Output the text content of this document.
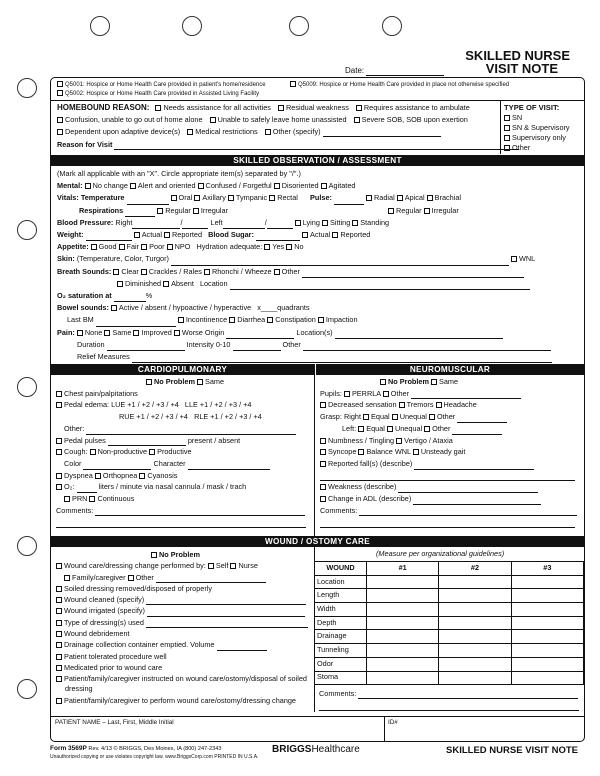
SKILLED NURSE
VISIT NOTE
Date:
Q5001: Hospice or Home Health Care provided in patient's home/residence	Q5009: Hospice or Home Health Care provided in place not otherwise specified
Q5002: Hospice or Home Health Care provided in Assisted Living Facility
HOMEBOUND REASON: Needs assistance for all activities Residual weakness Requires assistance to ambulate
Confusion, unable to go out of home alone Unable to safely leave home unassisted Severe SOB, SOB upon exertion
Dependent upon adaptive device(s) Medical restrictions Other (specify)
Reason for Visit
TYPE OF VISIT:
SN
SN & Supervisory
Supervisory only
Other
SKILLED OBSERVATION / ASSESSMENT
(Mark all applicable with an "X". Circle appropriate item(s) separated by "/".)
Mental: No change Alert and oriented Confused / Forgetful Disoriented Agitated
Vitals: Temperature	Oral Axillary Tympanic Rectal Pulse:	Radial Apical Brachial
Respirations	Regular Irregular	Regular Irregular
Blood Pressure: Right	/	Left	/	Lying Sitting Standing
Weight:	Actual Reported Blood Sugar:	Actual Reported
Appetite: Good Fair Poor NPO Hydration adequate: Yes No
Skin: (Temperature, Color, Turgor)	WNL
Breath Sounds: Clear Crackles / Rales Rhonchi / Wheeze Other
Diminished Absent Location
O₂ saturation at	%
Bowel sounds: Active / absent / hypoactive / hyperactive x____quadrants
Last BM	Incontinence Diarrhea Constipation Impaction
Pain: None Same Improved Worse Origin	Location(s)
Duration	Intensity 0-10	Other
Relief Measures
CARDIOPULMONARY	NEUROMUSCULAR
No Problem Same
Chest pain/palpitations
Pedal edema: LUE +1 / +2 / +3 / +4 LLE +1 / +2 / +3 / +4
RUE +1 / +2 / +3 / +4 RLE +1 / +2 / +3 / +4
Other:
Pedal pulses	present / absent
Cough: Non-productive Productive
Color	Character
Dyspnea Orthopnea Cyanosis
O₂:	liters / minute via nasal cannula / mask / trach
PRN Continuous
Comments:
No Problem Same
Pupils: PERRLA Other
Decreased sensation Tremors Headache
Grasp: Right Equal Unequal Other
Left: Equal Unequal Other
Numbness / Tingling Vertigo / Ataxia
Syncope Balance WNL Unsteady gait
Reported fall(s) (describe)
Weakness (describe)
Change in ADL (describe)
Comments:
WOUND / OSTOMY CARE
No Problem
Wound care/dressing change performed by: Self Nurse
Family/caregiver Other
Soiled dressing removed/disposed of properly
Wound cleaned (specify)
Wound irrigated (specify)
Type of dressing(s) used
Wound debridement
Drainage collection container emptied. Volume
Patient tolerated procedure well
Medicated prior to wound care
Patient/family/caregiver instructed on wound care/ostomy/disposal of soiled dressing
Patient/family/caregiver to perform wound care/ostomy/dressing change
(Measure per organizational guidelines)
WOUND	#1	#2	#3
Location			
Length			
Width			
Depth			
Drainage			
Tunneling			
Odor			
Stoma			
Comments:
PATIENT NAME – Last, First, Middle Initial	ID#
Form 3569P Rev. 4/13 © BRIGGS, Des Moines, IA (800) 247-2343
Unauthorized copying or use violates copyright law. www.BriggsCorp.com PRINTED IN U.S.A.
BRIGGSHealthcare	SKILLED NURSE VISIT NOTE
